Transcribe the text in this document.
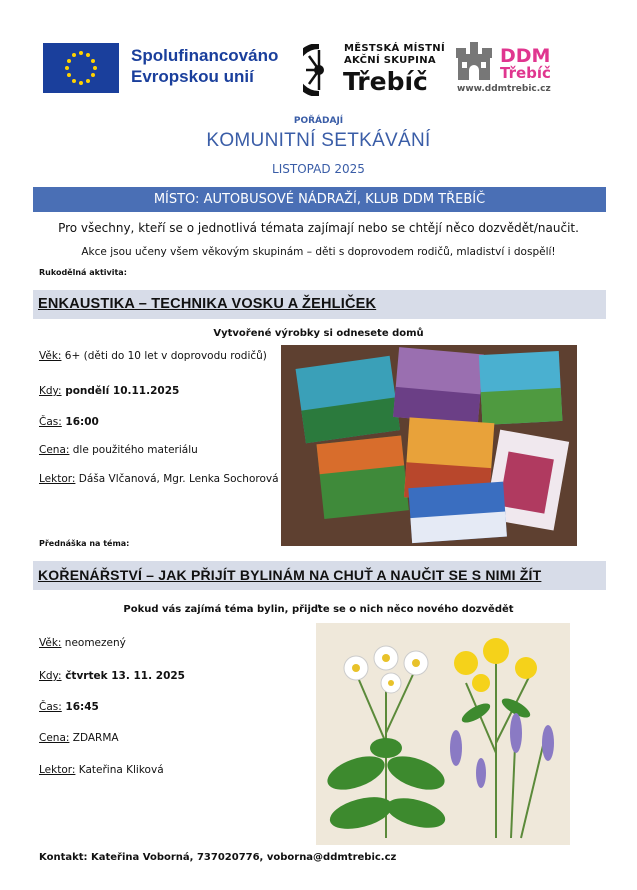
Spolufinancováno
Evropskou unií
MĚSTSKÁ MÍSTNÍ
AKČNÍ SKUPINA
Třebíč
DDM
Třebíč
www.ddmtrebic.cz
POŘÁDAJÍ
KOMUNITNÍ SETKÁVÁNÍ
LISTOPAD 2025
MÍSTO: AUTOBUSOVÉ NÁDRAŽÍ, KLUB DDM TŘEBÍČ
Pro všechny, kteří se o jednotlivá témata zajímají nebo se chtějí něco dozvědět/naučit.
Akce jsou učeny všem věkovým skupinám – děti s doprovodem rodičů, mladiství i dospělí!
Rukodělná aktivita:
ENKAUSTIKA – TECHNIKA VOSKU A ŽEHLIČEK
Vytvořené výrobky si odnesete domů
Věk: 6+ (děti do 10 let v doprovodu rodičů)
Kdy: pondělí 10.11.2025
Čas: 16:00
Cena: dle použitého materiálu
Lektor: Dáša Vlčanová, Mgr. Lenka Sochorová
Přednáška na téma:
KOŘENÁŘSTVÍ – JAK PŘIJÍT BYLINÁM NA CHUŤ A NAUČIT SE S NIMI ŽÍT
Pokud vás zajímá téma bylin, přijďte se o nich něco nového dozvědět
Věk: neomezený
Kdy: čtvrtek 13. 11. 2025
Čas: 16:45
Cena: ZDARMA
Lektor: Kateřina Kliková
Kontakt: Kateřina Voborná, 737020776, voborna@ddmtrebic.cz
